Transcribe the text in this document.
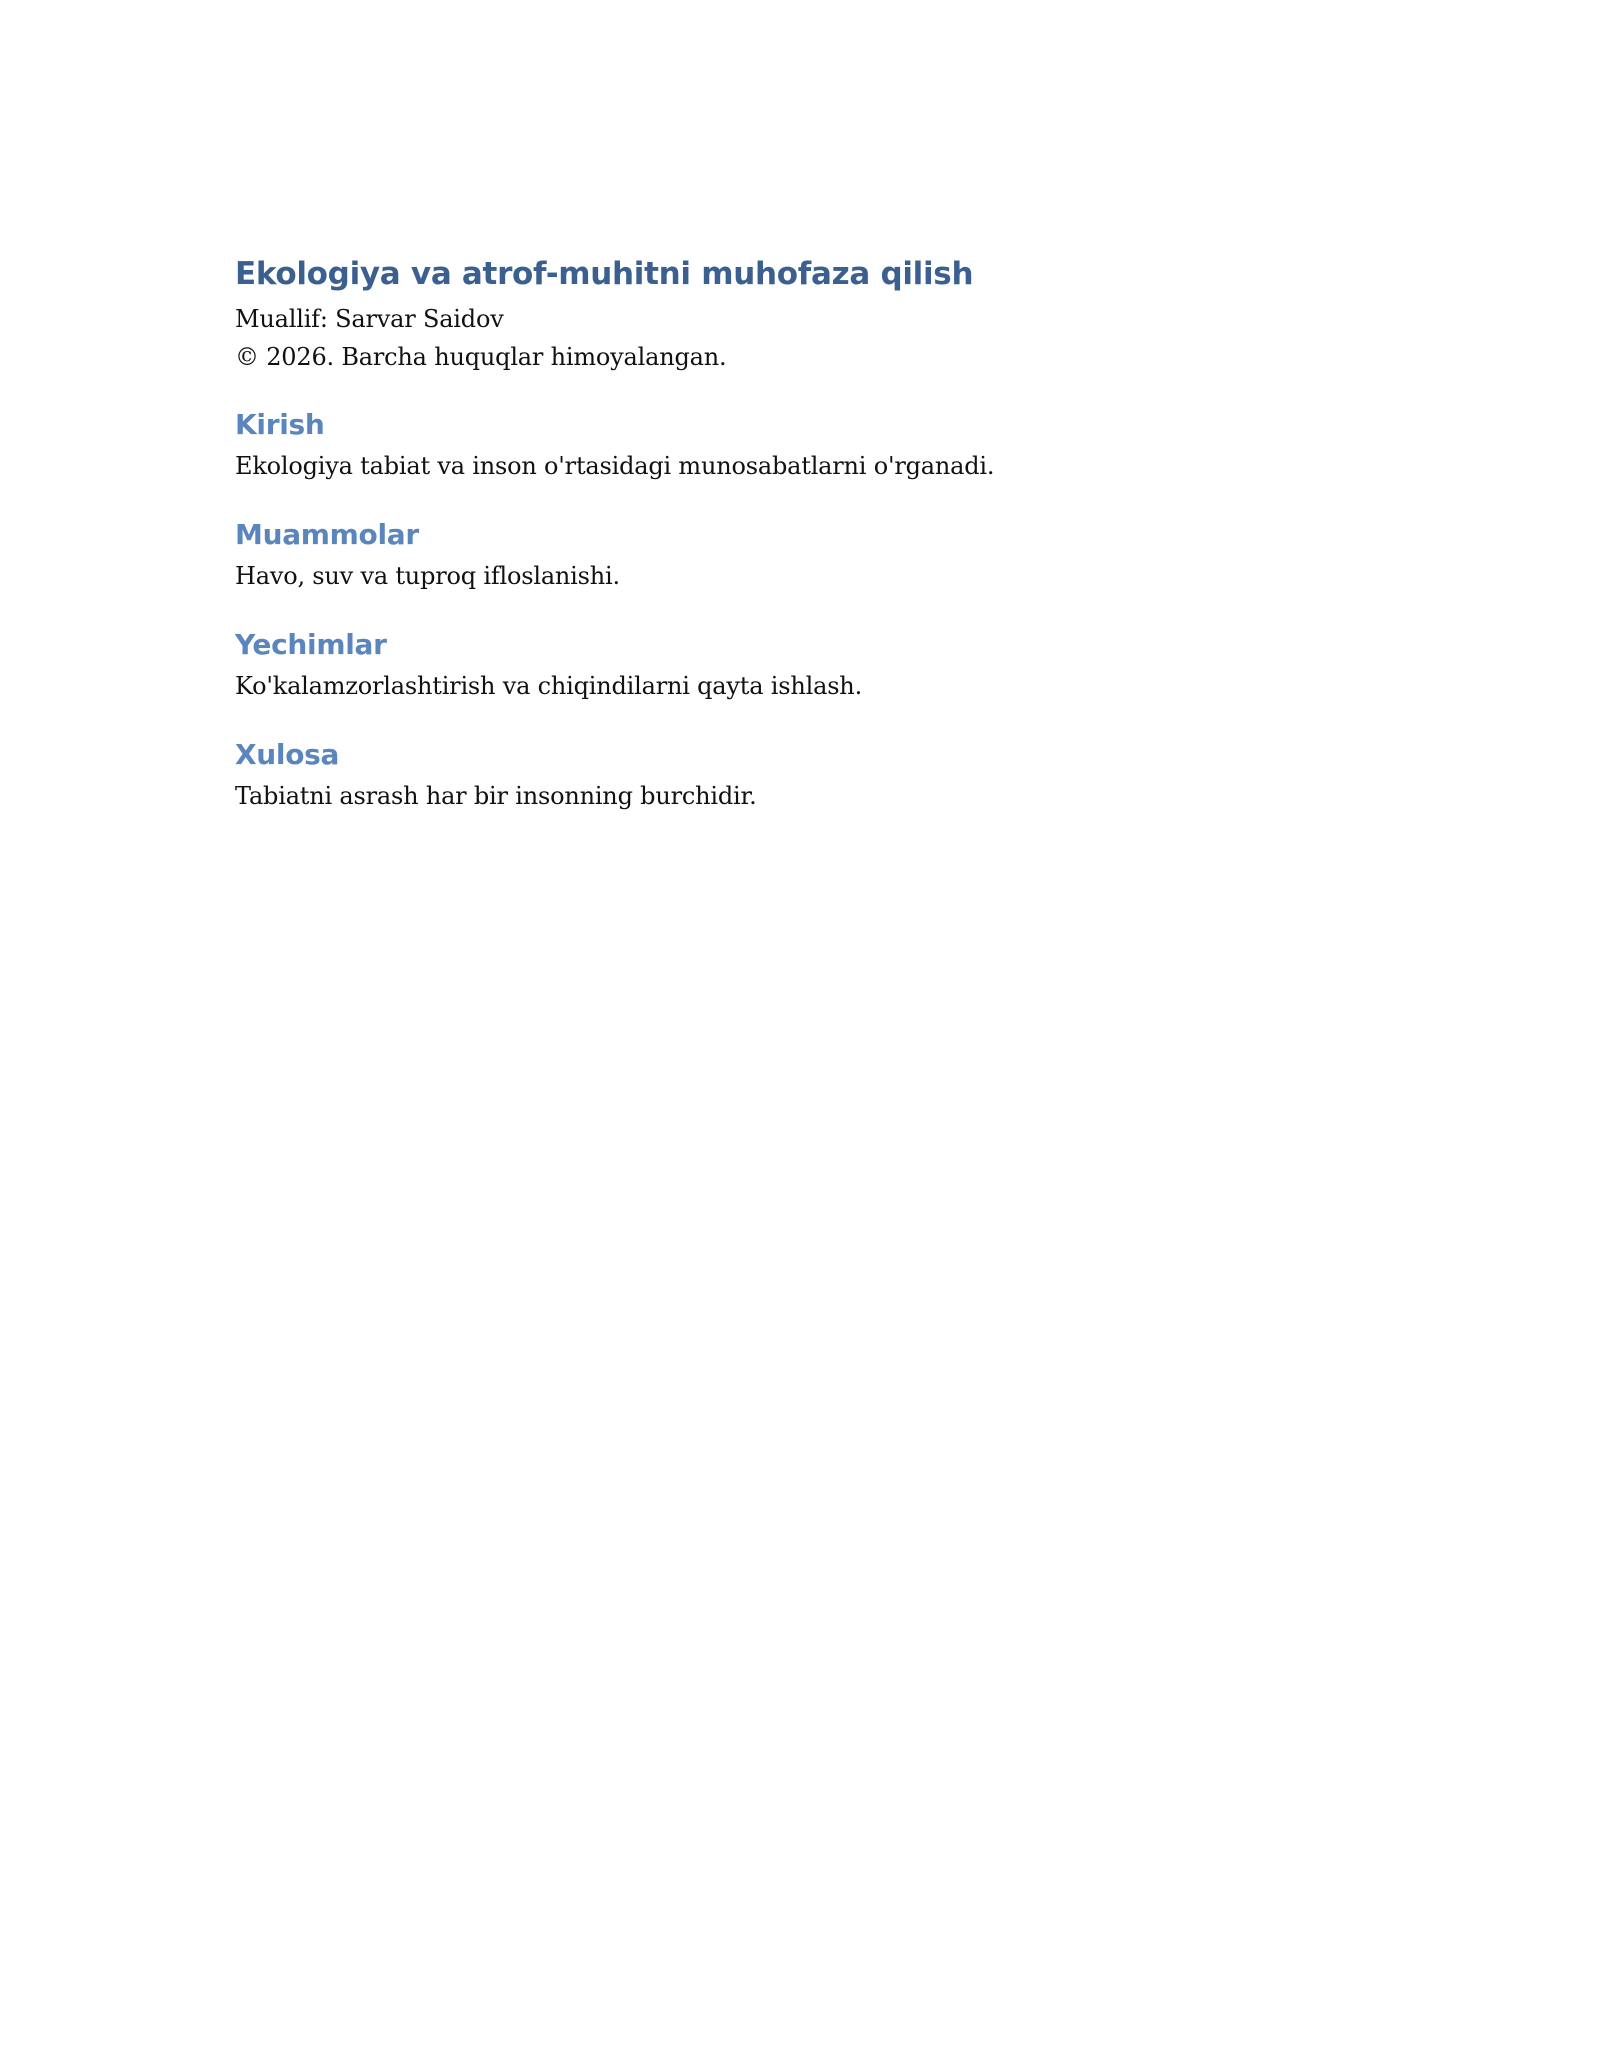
Ekologiya va atrof-muhitni muhofaza qilish

Muallif: Sarvar Saidov

© 2026. Barcha huquqlar himoyalangan.

Kirish

Ekologiya tabiat va inson o'rtasidagi munosabatlarni o'rganadi.

Muammolar

Havo, suv va tuproq ifloslanishi.

Yechimlar

Ko'kalamzorlashtirish va chiqindilarni qayta ishlash.

Xulosa

Tabiatni asrash har bir insonning burchidir.
